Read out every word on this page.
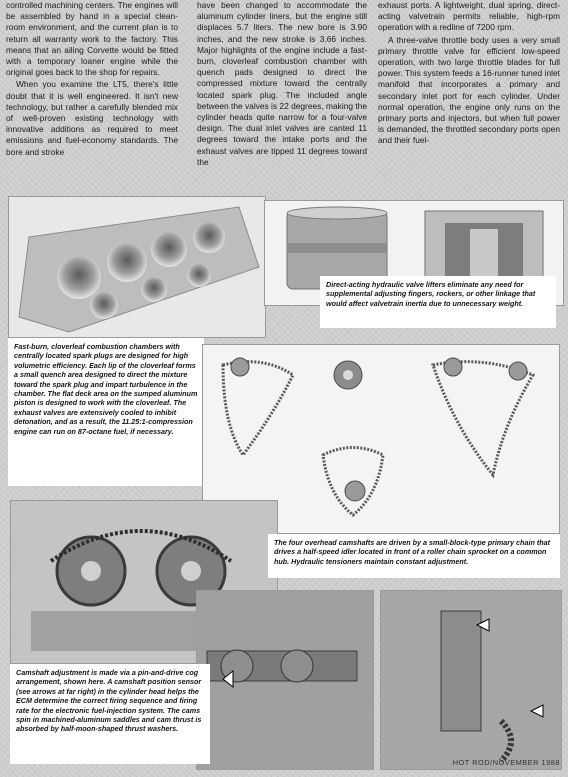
controlled machining centers. The engines will be assembled by hand in a special clean-room environment, and the current plan is to return all warranty work to the factory. This means that an ailing Corvette would be fitted with a temporary loaner engine while the original goes back to the shop for repairs.

When you examine the LT5, there's little doubt that it is well engineered. It isn't new technology, but rather a carefully blended mix of well-proven existing technology with innovative additions as required to meet emissions and fuel-economy standards. The bore and stroke

have been changed to accommodate the aluminum cylinder liners, but the engine still displaces 5.7 liters. The new bore is 3.90 inches, and the new stroke is 3.66 inches. Major highlights of the engine include a fast-burn, cloverleaf combustion chamber with quench pads designed to direct the compressed mixture toward the centrally located spark plug. The included angle between the valves is 22 degrees, making the cylinder heads quite narrow for a four-valve design. The dual inlet valves are canted 11 degrees toward the intake ports and the exhaust valves are tipped 11 degrees toward the

exhaust ports. A lightweight, dual spring, direct-acting valvetrain permits reliable, high-rpm operation with a redline of 7200 rpm.

A three-valve throttle body uses a very small primary throttle valve for efficient low-speed operation, with two large throttle blades for full power. This system feeds a 16-runner tuned inlet manifold that incorporates a primary and secondary inlet port for each cylinder. Under normal operation, the engine only runs on the primary ports and injectors, but when full power is demanded, the throttled secondary ports open and their fuel-

Direct-acting hydraulic valve lifters eliminate any need for supplemental adjusting fingers, rockers, or other linkage that would affect valvetrain inertia due to unnecessary weight.
Fast-burn, cloverleaf combustion chambers with centrally located spark plugs are designed for high volumetric efficiency. Each lip of the cloverleaf forms a small quench area designed to direct the mixture toward the spark plug and impart turbulence in the chamber. The flat deck area on the sumped aluminum piston is designed to work with the cloverleaf. The exhaust valves are extensively cooled to inhibit detonation, and as a result, the 11.25:1-compression engine can run on 87-octane fuel, if necessary.
The four overhead camshafts are driven by a small-block-type primary chain that drives a half-speed idler located in front of a roller chain sprocket on a common hub. Hydraulic tensioners maintain constant adjustment.
Camshaft adjustment is made via a pin-and-drive cog arrangement, shown here. A camshaft position sensor (see arrows at far right) in the cylinder head helps the ECM determine the correct firing sequence and firing rate for the electronic fuel-injection system. The cams spin in machined-aluminum saddles and cam thrust is absorbed by half-moon-shaped thrust washers.
HOT ROD/NOVEMBER 1988
